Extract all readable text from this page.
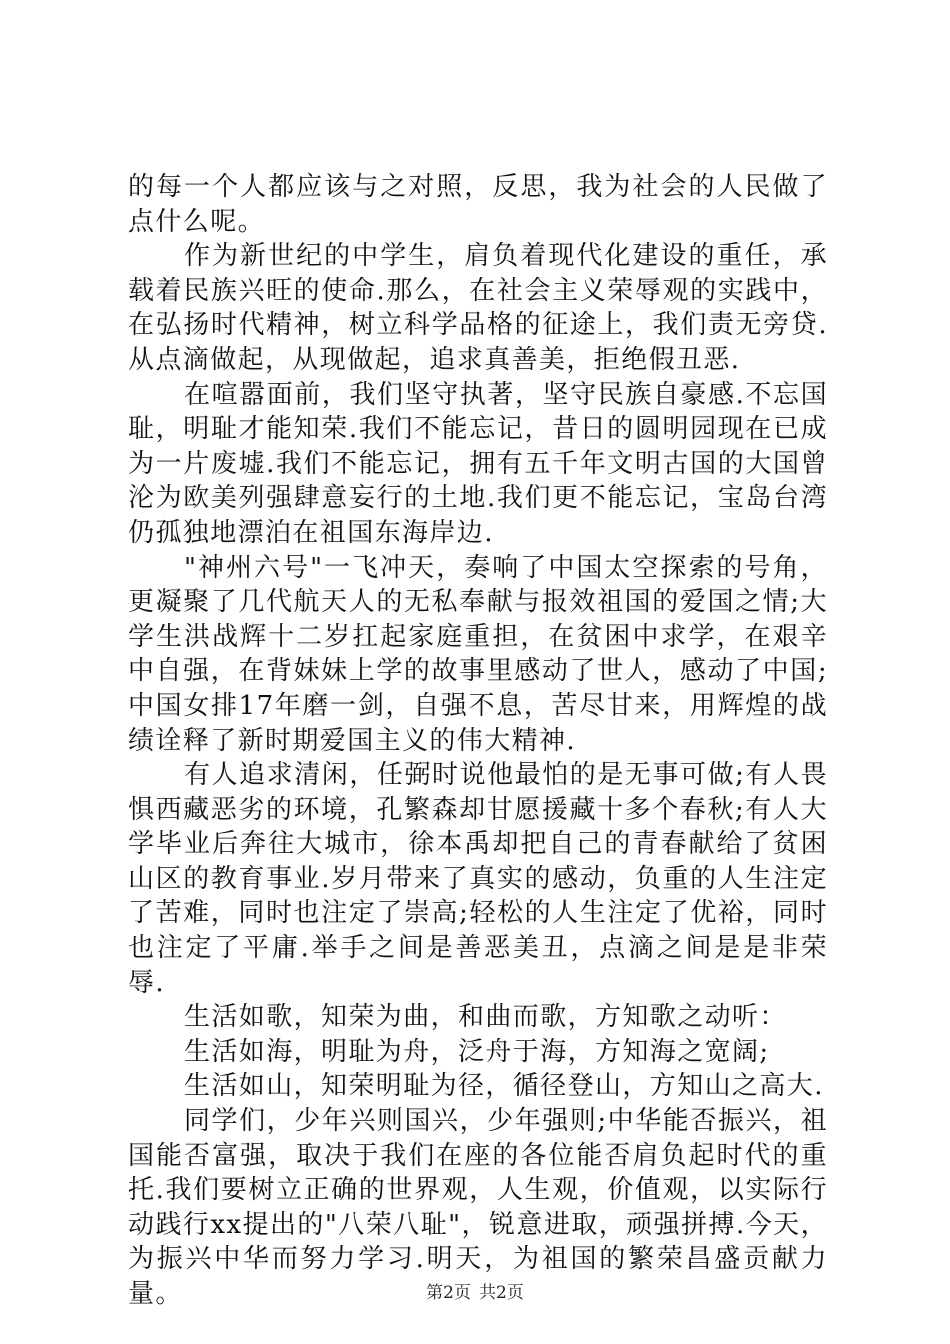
的每一个人都应该与之对照，反思，我为社会的人民做了点什么呢。

作为新世纪的中学生，肩负着现代化建设的重任，承载着民族兴旺的使命.那么，在社会主义荣辱观的实践中，在弘扬时代精神，树立科学品格的征途上，我们责无旁贷.从点滴做起，从现做起，追求真善美，拒绝假丑恶.

在喧嚣面前，我们坚守执著，坚守民族自豪感.不忘国耻，明耻才能知荣.我们不能忘记，昔日的圆明园现在已成为一片废墟.我们不能忘记，拥有五千年文明古国的大国曾沦为欧美列强肆意妄行的土地.我们更不能忘记，宝岛台湾仍孤独地漂泊在祖国东海岸边.

"神州六号"一飞冲天，奏响了中国太空探索的号角，更凝聚了几代航天人的无私奉献与报效祖国的爱国之情;大学生洪战辉十二岁扛起家庭重担，在贫困中求学，在艰辛中自强，在背妹妹上学的故事里感动了世人，感动了中国;中国女排17年磨一剑，自强不息，苦尽甘来，用辉煌的战绩诠释了新时期爱国主义的伟大精神.

有人追求清闲，任弼时说他最怕的是无事可做;有人畏惧西藏恶劣的环境，孔繁森却甘愿援藏十多个春秋;有人大学毕业后奔往大城市，徐本禹却把自己的青春献给了贫困山区的教育事业.岁月带来了真实的感动，负重的人生注定了苦难，同时也注定了崇高;轻松的人生注定了优裕，同时也注定了平庸.举手之间是善恶美丑，点滴之间是是非荣辱.

生活如歌，知荣为曲，和曲而歌，方知歌之动听：

生活如海，明耻为舟，泛舟于海，方知海之宽阔;

生活如山，知荣明耻为径，循径登山，方知山之高大.

同学们，少年兴则国兴，少年强则;中华能否振兴，祖国能否富强，取决于我们在座的各位能否肩负起时代的重托.我们要树立正确的世界观，人生观，价值观，以实际行动践行xx提出的"八荣八耻"，锐意进取，顽强拼搏.今天，为振兴中华而努力学习.明天，为祖国的繁荣昌盛贡献力量。	第2页 共2页
